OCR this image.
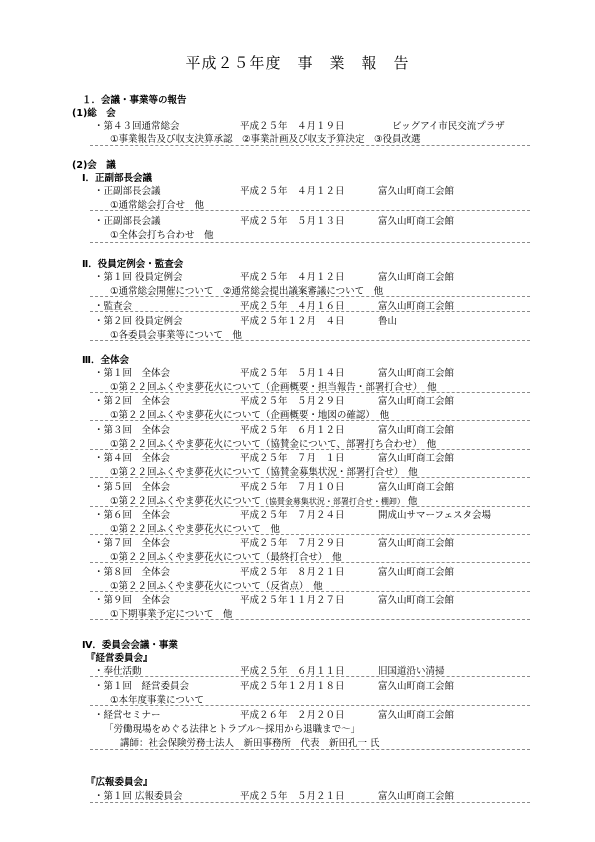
平成２５年度　事　業　報　告
１．会議・事業等の報告
(1)総　会
・第４３回通常総会	平成２５年　４月１９日	ビッグアイ市民交流プラザ
①事業報告及び収支決算承認　②事業計画及び収支予算決定　③役員改選
(2)会　議
Ⅰ．正副部長会議
・正副部長会議	平成２５年　４月１２日	富久山町商工会館
①通常総会打合せ　他
・正副部長会議	平成２５年　５月１３日	富久山町商工会館
①全体会打ち合わせ　他
Ⅱ．役員定例会・監査会
・第１回 役員定例会	平成２５年　４月１２日	富久山町商工会館
①通常総会開催について　②通常総会提出議案審議について　他
・監査会	平成２５年　４月１６日	富久山町商工会館
・第２回 役員定例会	平成２５年１２月　４日	鲁山
①各委員会事業等について　他
Ⅲ．全体会
・第１回　全体会	平成２５年　５月１４日	富久山町商工会館
①第２２回ふくやま夢花火について（企画概要・担当報告・部署打合せ）　他
・第２回　全体会	平成２５年　５月２９日	富久山町商工会館
①第２２回ふくやま夢花火について（企画概要・地図の確認）　他
・第３回　全体会	平成２５年　６月１２日	富久山町商工会館
①第２２回ふくやま夢花火について（協賛金について、部署打ち合わせ）　他
・第４回　全体会	平成２５年　７月　１日	富久山町商工会館
①第２２回ふくやま夢花火について（協賛金募集状況・部署打合せ）　他
・第５回　全体会	平成２５年　７月１０日	富久山町商工会館
①第２２回ふくやま夢花火について（協賛金募集状況・部署打合せ・棚卸） 他
・第６回　全体会	平成２５年　７月２４日	開成山サマーフェスタ会場
①第２２回ふくやま夢花火について　他
・第７回　全体会	平成２５年　７月２９日	富久山町商工会館
①第２２回ふくやま夢花火について（最終打合せ）　他
・第８回　全体会	平成２５年　８月２１日	富久山町商工会館
①第２２回ふくやま夢花火について（反省点）　他
・第９回　全体会	平成２５年１１月２７日	富久山町商工会館
①下期事業予定について　他
Ⅳ．委員会会議・事業
『経営委員会』
・奉仕活動	平成２５年　６月１１日	旧国道沿い清掃
・第１回　経営委員会	平成２５年１２月１８日	富久山町商工会館
①本年度事業について
・経営セミナー	平成２６年　２月２０日	富久山町商工会館
「労働現場をめぐる法律とトラブル～採用から退職まで～」
講師：社会保険労務士法人　新田事務所　代表　新田孔一 氏
『広報委員会』
・第１回 広報委員会	平成２５年　５月２１日	富久山町商工会館
